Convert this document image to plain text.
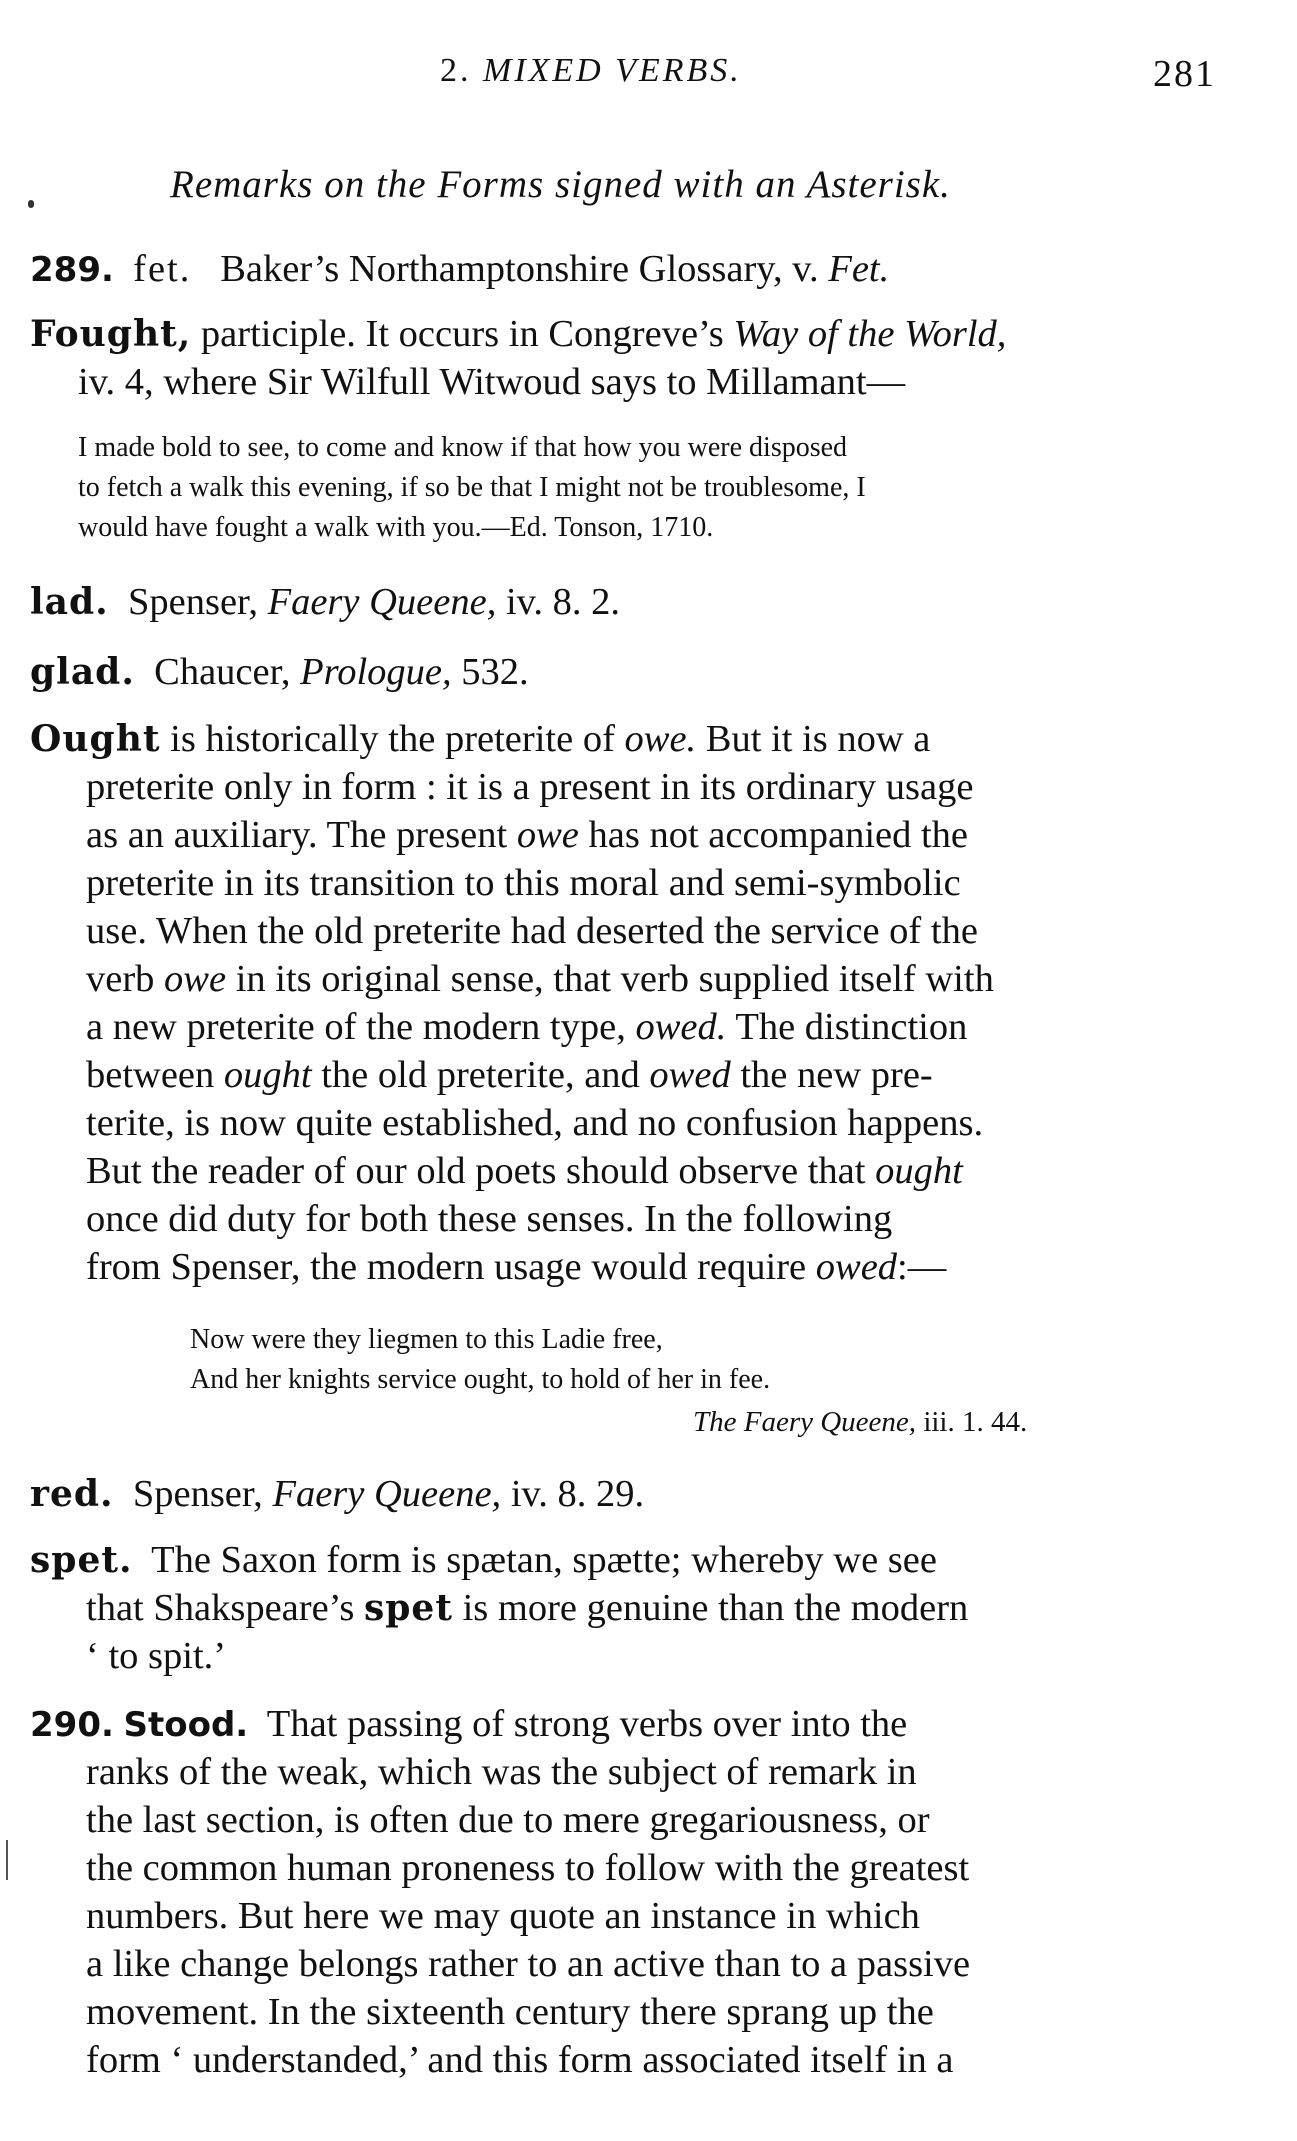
2. MIXED VERBS.	281
Remarks on the Forms signed with an Asterisk.
289. fet. Baker’s Northamptonshire Glossary, v. Fet.
Fought, participle. It occurs in Congreve’s Way of the World,
iv. 4, where Sir Wilfull Witwoud says to Millamant—
I made bold to see, to come and know if that how you were disposed
to fetch a walk this evening, if so be that I might not be troublesome, I
would have fought a walk with you.—Ed. Tonson, 1710.
lad. Spenser, Faery Queene, iv. 8. 2.
glad. Chaucer, Prologue, 532.
Ought is historically the preterite of owe. But it is now a
preterite only in form : it is a present in its ordinary usage
as an auxiliary. The present owe has not accompanied the
preterite in its transition to this moral and semi-symbolic
use. When the old preterite had deserted the service of the
verb owe in its original sense, that verb supplied itself with
a new preterite of the modern type, owed. The distinction
between ought the old preterite, and owed the new pre-
terite, is now quite established, and no confusion happens.
But the reader of our old poets should observe that ought
once did duty for both these senses. In the following
from Spenser, the modern usage would require owed:—
Now were they liegmen to this Ladie free,
And her knights service ought, to hold of her in fee.
The Faery Queene, iii. 1. 44.
red. Spenser, Faery Queene, iv. 8. 29.
spet. The Saxon form is spætan, spætte; whereby we see
that Shakspeare’s spet is more genuine than the modern
‘ to spit.’
290. Stood. That passing of strong verbs over into the
ranks of the weak, which was the subject of remark in
the last section, is often due to mere gregariousness, or
the common human proneness to follow with the greatest
numbers. But here we may quote an instance in which
a like change belongs rather to an active than to a passive
movement. In the sixteenth century there sprang up the
form ‘ understanded,’ and this form associated itself in a
